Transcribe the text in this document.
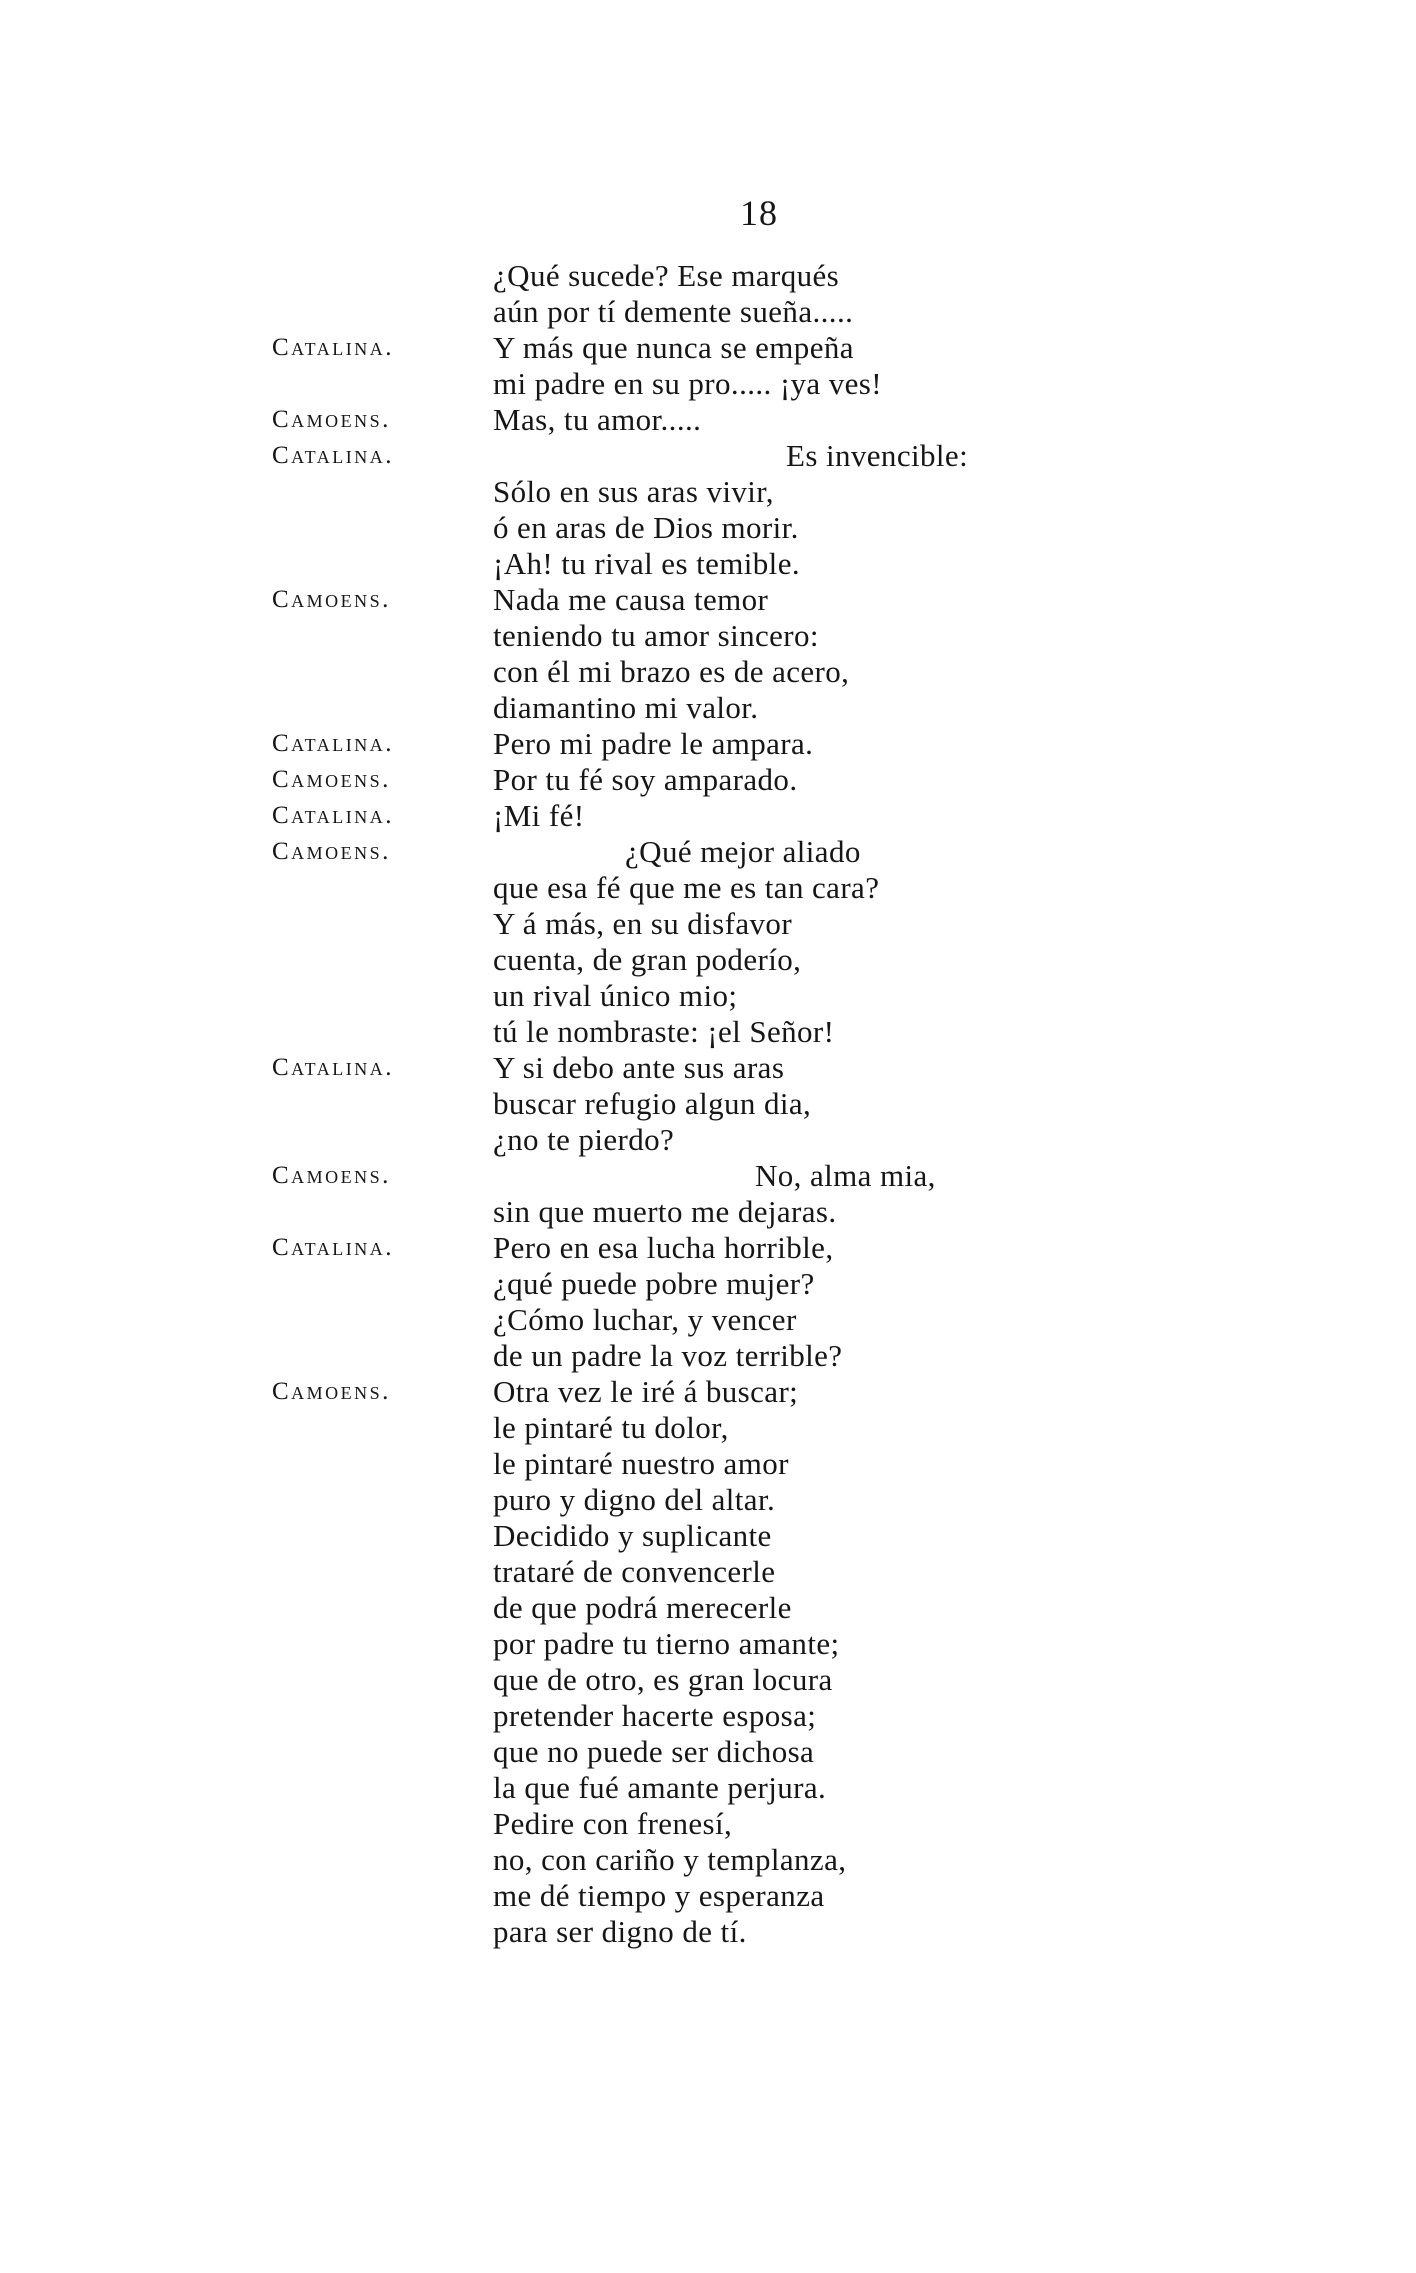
18
¿Qué sucede? Ese marqués
aún por tí demente sueña.....
Catalina.	Y más que nunca se empeña
mi padre en su pro..... ¡ya ves!
Camoens.	Mas, tu amor.....
Catalina.	Es invencible:
Sólo en sus aras vivir,
ó en aras de Dios morir.
¡Ah! tu rival es temible.
Camoens.	Nada me causa temor
teniendo tu amor sincero:
con él mi brazo es de acero,
diamantino mi valor.
Catalina.	Pero mi padre le ampara.
Camoens.	Por tu fé soy amparado.
Catalina.	¡Mi fé!
Camoens.	¿Qué mejor aliado
que esa fé que me es tan cara?
Y á más, en su disfavor
cuenta, de gran poderío,
un rival único mio;
tú le nombraste: ¡el Señor!
Catalina.	Y si debo ante sus aras
buscar refugio algun dia,
¿no te pierdo?
Camoens.	No, alma mia,
sin que muerto me dejaras.
Catalina.	Pero en esa lucha horrible,
¿qué puede pobre mujer?
¿Cómo luchar, y vencer
de un padre la voz terrible?
Camoens.	Otra vez le iré á buscar;
le pintaré tu dolor,
le pintaré nuestro amor
puro y digno del altar.
Decidido y suplicante
trataré de convencerle
de que podrá merecerle
por padre tu tierno amante;
que de otro, es gran locura
pretender hacerte esposa;
que no puede ser dichosa
la que fué amante perjura.
Pedire con frenesí,
no, con cariño y templanza,
me dé tiempo y esperanza
para ser digno de tí.
